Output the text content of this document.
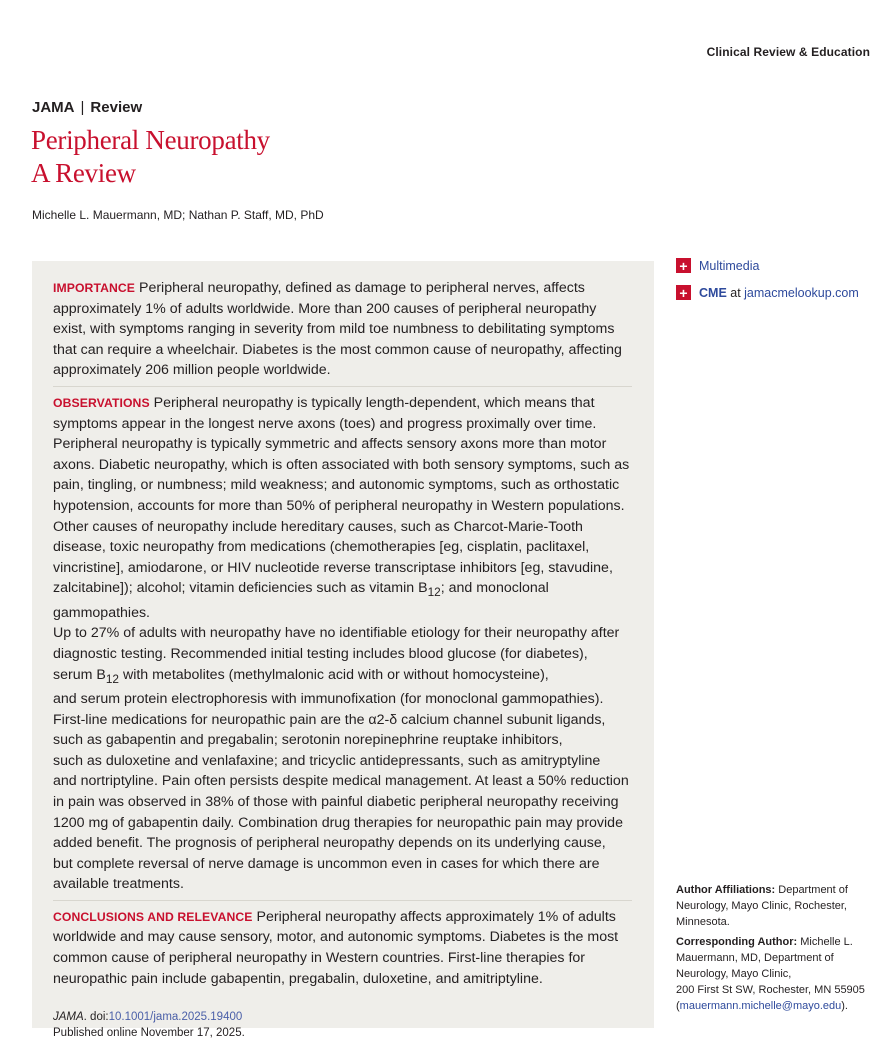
Clinical Review & Education
JAMA | Review
Peripheral Neuropathy
A Review
Michelle L. Mauermann, MD; Nathan P. Staff, MD, PhD
IMPORTANCE Peripheral neuropathy, defined as damage to peripheral nerves, affects approximately 1% of adults worldwide. More than 200 causes of peripheral neuropathy exist, with symptoms ranging in severity from mild toe numbness to debilitating symptoms that can require a wheelchair. Diabetes is the most common cause of neuropathy, affecting approximately 206 million people worldwide.
OBSERVATIONS Peripheral neuropathy is typically length-dependent, which means that symptoms appear in the longest nerve axons (toes) and progress proximally over time. Peripheral neuropathy is typically symmetric and affects sensory axons more than motor axons. Diabetic neuropathy, which is often associated with both sensory symptoms, such as pain, tingling, or numbness; mild weakness; and autonomic symptoms, such as orthostatic hypotension, accounts for more than 50% of peripheral neuropathy in Western populations. Other causes of neuropathy include hereditary causes, such as Charcot-Marie-Tooth disease, toxic neuropathy from medications (chemotherapies [eg, cisplatin, paclitaxel, vincristine], amiodarone, or HIV nucleotide reverse transcriptase inhibitors [eg, stavudine, zalcitabine]); alcohol; vitamin deficiencies such as vitamin $B_{12}$; and monoclonal gammopathies.
Up to 27% of adults with neuropathy have no identifiable etiology for their neuropathy after diagnostic testing. Recommended initial testing includes blood glucose (for diabetes),
serum $B_{12}$ with metabolites (methylmalonic acid with or without homocysteine),
and serum protein electrophoresis with immunofixation (for monoclonal gammopathies).
First-line medications for neuropathic pain are the α2-δ calcium channel subunit ligands,
such as gabapentin and pregabalin; serotonin norepinephrine reuptake inhibitors,
such as duloxetine and venlafaxine; and tricyclic antidepressants, such as amitryptyline
and nortriptyline. Pain often persists despite medical management. At least a 50% reduction in pain was observed in 38% of those with painful diabetic peripheral neuropathy receiving 1200 mg of gabapentin daily. Combination drug therapies for neuropathic pain may provide added benefit. The prognosis of peripheral neuropathy depends on its underlying cause,
but complete reversal of nerve damage is uncommon even in cases for which there are available treatments.
CONCLUSIONS AND RELEVANCE Peripheral neuropathy affects approximately 1% of adults worldwide and may cause sensory, motor, and autonomic symptoms. Diabetes is the most common cause of peripheral neuropathy in Western countries. First-line therapies for neuropathic pain include gabapentin, pregabalin, duloxetine, and amitriptyline.
JAMA. doi:10.1001/jama.2025.19400
Published online November 17, 2025.
+ Multimedia
+ CME at jamacmelookup.com

Author Affiliations: Department of Neurology, Mayo Clinic, Rochester, Minnesota.

Corresponding Author: Michelle L. Mauermann, MD, Department of Neurology, Mayo Clinic,
200 First St SW, Rochester, MN 55905 (mauermann.michelle@mayo.edu).
